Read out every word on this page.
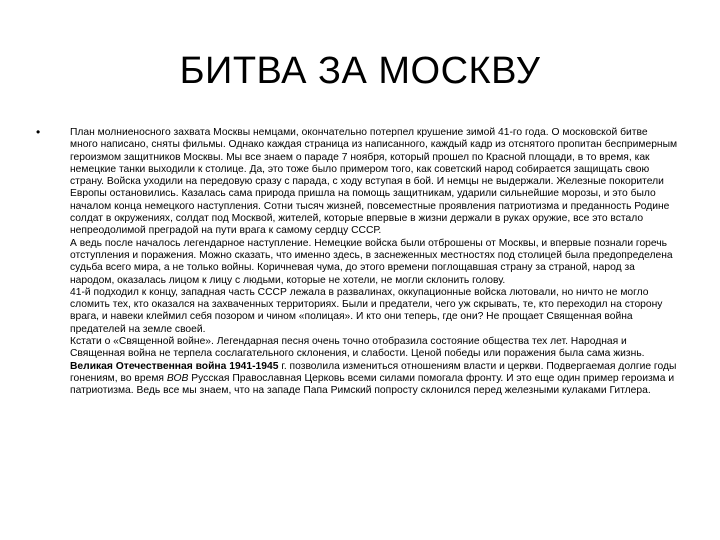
БИТВА ЗА МОСКВУ
•	План молниеносного захвата Москвы немцами, окончательно потерпел крушение зимой 41-го года. О московской битве много написано, сняты фильмы. Однако каждая страница из написанного, каждый кадр из отснятого пропитан беспримерным героизмом защитников Москвы. Мы все знаем о параде 7 ноября, который прошел по Красной площади, в то время, как немецкие танки выходили к столице. Да, это тоже было примером того, как советский народ собирается защищать свою страну. Войска уходили на передовую сразу с парада, с ходу вступая в бой. И немцы не выдержали. Железные покорители Европы остановились. Казалась сама природа пришла на помощь защитникам, ударили сильнейшие морозы, и это было началом конца немецкого наступления. Сотни тысяч жизней, повсеместные проявления патриотизма и преданность Родине солдат в окружениях, солдат под Москвой, жителей, которые впервые в жизни держали в руках оружие, все это встало непреодолимой преградой на пути врага к самому сердцу СССР.

А ведь после началось легендарное наступление. Немецкие войска были отброшены от Москвы, и впервые познали горечь отступления и поражения. Можно сказать, что именно здесь, в заснеженных местностях под столицей была предопределена судьба всего мира, а не только войны. Коричневая чума, до этого времени поглощавшая страну за страной, народ за народом, оказалась лицом к лицу с людьми, которые не хотели, не могли склонить голову.

41-й подходил к концу, западная часть СССР лежала в развалинах, оккупационные войска лютовали, но ничто не могло сломить тех, кто оказался на захваченных территориях. Были и предатели, чего уж скрывать, те, кто переходил на сторону врага, и навеки клеймил себя позором и чином «полицая». И кто они теперь, где они? Не прощает Священная война предателей на земле своей.

Кстати о «Священной войне». Легендарная песня очень точно отобразила состояние общества тех лет. Народная и Священная война не терпела сослагательного склонения, и слабости. Ценой победы или поражения была сама жизнь.

Великая Отечественная война 1941-1945 г. позволила измениться отношениям власти и церкви. Подвергаемая долгие годы гонениям, во время ВОВ Русская Православная Церковь всеми силами помогала фронту. И это еще один пример героизма и патриотизма. Ведь все мы знаем, что на западе Папа Римский попросту склонился перед железными кулаками Гитлера.
